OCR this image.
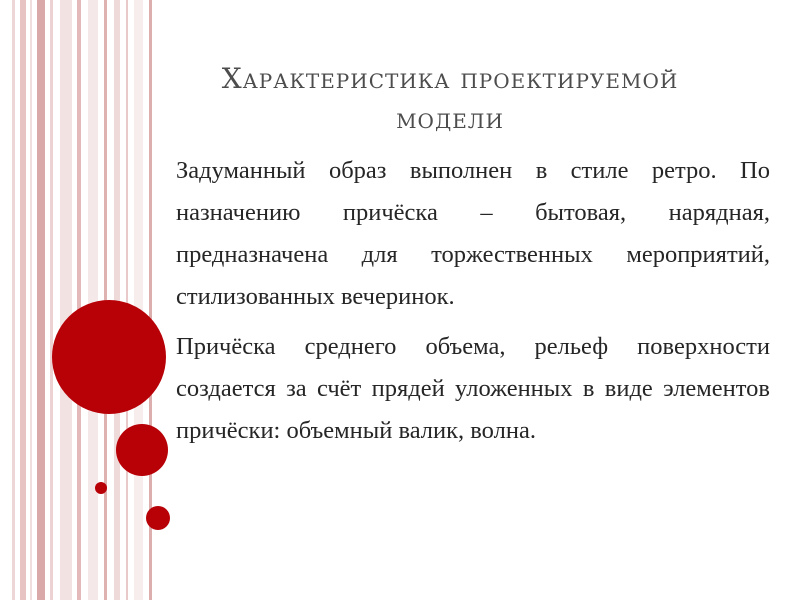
Характеристика проектируемой
модели

Задуманный образ выполнен в стиле ретро. По назначению причёска – бытовая, нарядная, предназначена для торжественных мероприятий, стилизованных вечеринок.

Причёска среднего объема, рельеф поверхности создается за счёт прядей уложенных в виде элементов причёски: объемный валик, волна.
